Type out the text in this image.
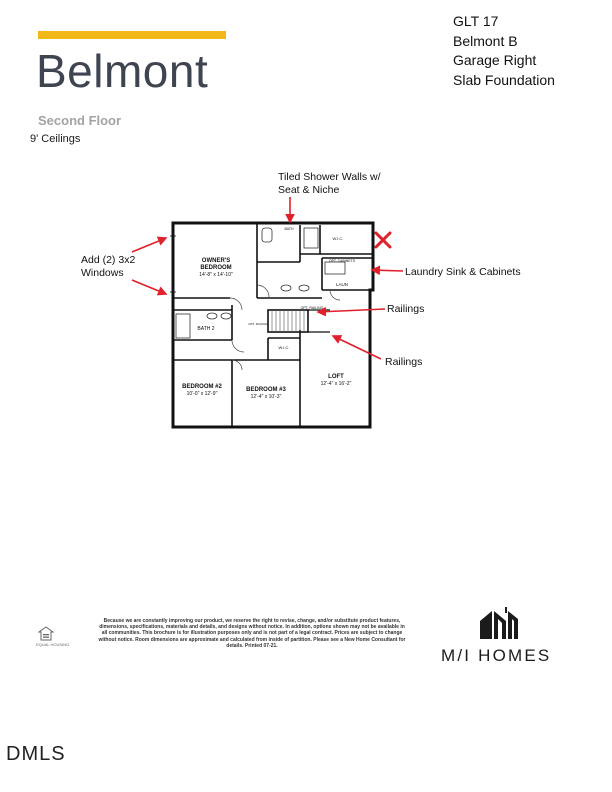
Belmont
Second Floor
9' Ceilings
GLT 17
Belmont B
Garage Right
Slab Foundation
OWNER'S
BEDROOM
14'-8" x 14'-10"
BATH
W.I.C.
OPT. CABINETS
LAUN
BATH 2
OPT. RAILING
OPT. RAILING
W.I.C.
BEDROOM #2
10'-0" x 12'-9"
BEDROOM #3
12'-4" x 10'-3"
LOFT
12'-4" x 16'-2"
Add (2) 3x2
Windows
Tiled Shower Walls w/
Seat & Niche
Laundry Sink & Cabinets
Railings
Railings
EQUAL HOUSING
Because we are constantly improving our product, we reserve the right to revise, change, and/or substitute product features, dimensions, specifications, materials and details, and designs without notice. In addition, options shown may not be available in all communities. This brochure is for illustration purposes only and is not part of a legal contract. Prices are subject to change without notice. Room dimensions are approximate and calculated from inside of partition. Please see a New Home Consultant for details. Printed 07-21.
M/I HOMES
DMLS
